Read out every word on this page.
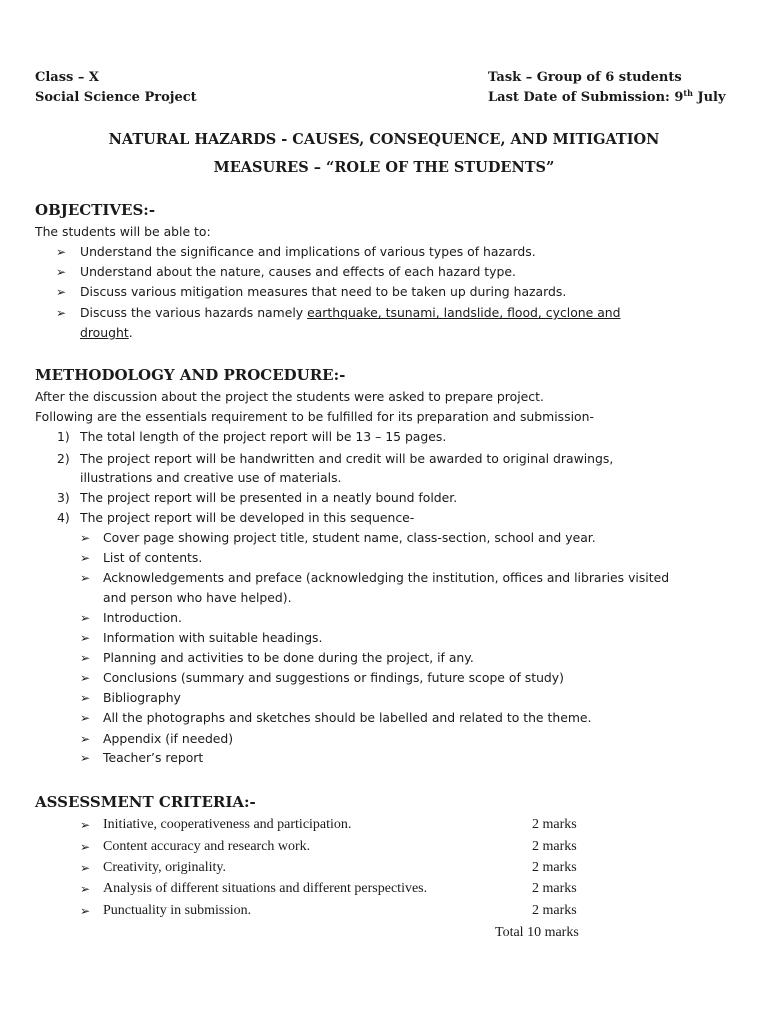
Class – X
Social Science Project
Task – Group of 6 students
Last Date of Submission: 9th July
NATURAL HAZARDS - CAUSES, CONSEQUENCE, AND MITIGATION
MEASURES – “ROLE OF THE STUDENTS”
OBJECTIVES:-
The students will be able to:
➢ Understand the significance and implications of various types of hazards.
➢ Understand about the nature, causes and effects of each hazard type.
➢ Discuss various mitigation measures that need to be taken up during hazards.
➢ Discuss the various hazards namely earthquake, tsunami, landslide, flood, cyclone and
drought.
METHODOLOGY AND PROCEDURE:-
After the discussion about the project the students were asked to prepare project.
Following are the essentials requirement to be fulfilled for its preparation and submission-
1) The total length of the project report will be 13 – 15 pages.
2) The project report will be handwritten and credit will be awarded to original drawings,
illustrations and creative use of materials.
3) The project report will be presented in a neatly bound folder.
4) The project report will be developed in this sequence-
➢ Cover page showing project title, student name, class-section, school and year.
➢ List of contents.
➢ Acknowledgements and preface (acknowledging the institution, offices and libraries visited
and person who have helped).
➢ Introduction.
➢ Information with suitable headings.
➢ Planning and activities to be done during the project, if any.
➢ Conclusions (summary and suggestions or findings, future scope of study)
➢ Bibliography
➢ All the photographs and sketches should be labelled and related to the theme.
➢ Appendix (if needed)
➢ Teacher’s report
ASSESSMENT CRITERIA:-
➢ Initiative, cooperativeness and participation.	2 marks
➢ Content accuracy and research work.	2 marks
➢ Creativity, originality.	2 marks
➢ Analysis of different situations and different perspectives.	2 marks
➢ Punctuality in submission.	2 marks
Total 10 marks
